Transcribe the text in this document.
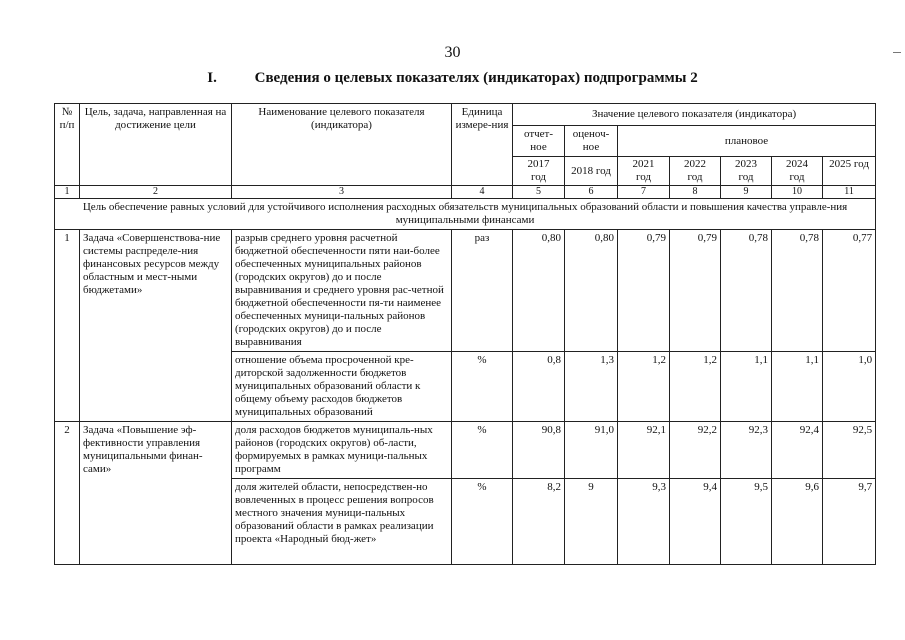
30
I.	Сведения о целевых показателях (индикаторах) подпрограммы 2
№ п/п	Цель, задача, направленная на достижение цели	Наименование целевого показателя (индикатора)	Единица измере-ния	Значение целевого показателя (индикатора)						
				отчет-ное	оценоч-ное	плановое				
				2017 год	2018 год	2021 год	2022 год	2023 год	2024 год	2025 год
1	2	3	4	5	6	7	8	9	10	11
Цель обеспечение равных условий для устойчивого исполнения расходных обязательств муниципальных образований области и повышения качества управле-ния муниципальными финансами										
1	Задача «Совершенствова-ние системы распределе-ния финансовых ресурсов между областным и мест-ными бюджетами»	разрыв среднего уровня расчетной бюджетной обеспеченности пяти наи-более обеспеченных муниципальных районов (городских округов) до и после выравнивания и среднего уровня рас-четной бюджетной обеспеченности пя-ти наименее обеспеченных муници-пальных районов (городских округов) до и после выравнивания	раз	0,80	0,80	0,79	0,79	0,78	0,78	0,77
		отношение объема просроченной кре-диторской задолженности бюджетов муниципальных образований области к общему объему расходов бюджетов муниципальных образований	%	0,8	1,3	1,2	1,2	1,1	1,1	1,0
2	Задача «Повышение эф-фективности управления муниципальными финан-сами»	доля расходов бюджетов муниципаль-ных районов (городских округов) об-ласти, формируемых в рамках муници-пальных программ	%	90,8	91,0	92,1	92,2	92,3	92,4	92,5
		доля жителей области, непосредствен-но вовлеченных в процесс решения вопросов местного значения муници-пальных образований области в рамках реализации проекта «Народный бюд-жет»	%	8,2	9	9,3	9,4	9,5	9,6	9,7
